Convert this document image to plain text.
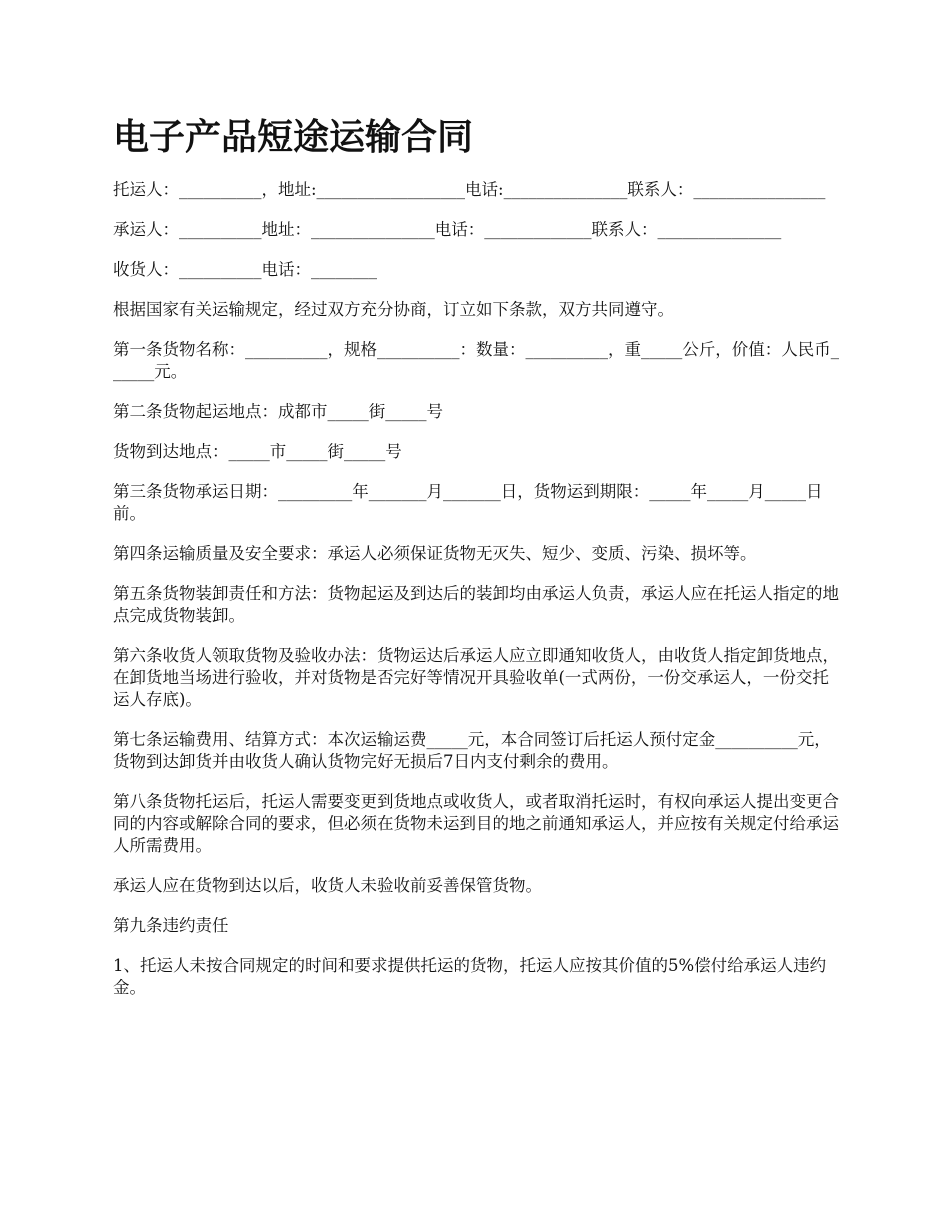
电子产品短途运输合同

托运人：__________，地址:__________________电话:_______________联系人：________________

承运人：__________地址：_______________电话：_____________联系人：_______________

收货人：__________电话：________

根据国家有关运输规定，经过双方充分协商，订立如下条款，双方共同遵守。

第一条货物名称：__________，规格__________：数量：__________，重_____公斤，价值：人民币______元。

第二条货物起运地点：成都市_____街_____号

货物到达地点：_____市_____街_____号

第三条货物承运日期：_________年_______月_______日，货物运到期限：_____年_____月_____日前。

第四条运输质量及安全要求：承运人必须保证货物无灭失、短少、变质、污染、损坏等。

第五条货物装卸责任和方法：货物起运及到达后的装卸均由承运人负责，承运人应在托运人指定的地点完成货物装卸。

第六条收货人领取货物及验收办法：货物运达后承运人应立即通知收货人，由收货人指定卸货地点，在卸货地当场进行验收，并对货物是否完好等情况开具验收单(一式两份，一份交承运人，一份交托运人存底)。

第七条运输费用、结算方式：本次运输运费_____元，本合同签订后托运人预付定金__________元，货物到达卸货并由收货人确认货物完好无损后7日内支付剩余的费用。

第八条货物托运后，托运人需要变更到货地点或收货人，或者取消托运时，有权向承运人提出变更合同的内容或解除合同的要求，但必须在货物未运到目的地之前通知承运人，并应按有关规定付给承运人所需费用。

承运人应在货物到达以后，收货人未验收前妥善保管货物。

第九条违约责任

1、托运人未按合同规定的时间和要求提供托运的货物，托运人应按其价值的5%偿付给承运人违约金。
